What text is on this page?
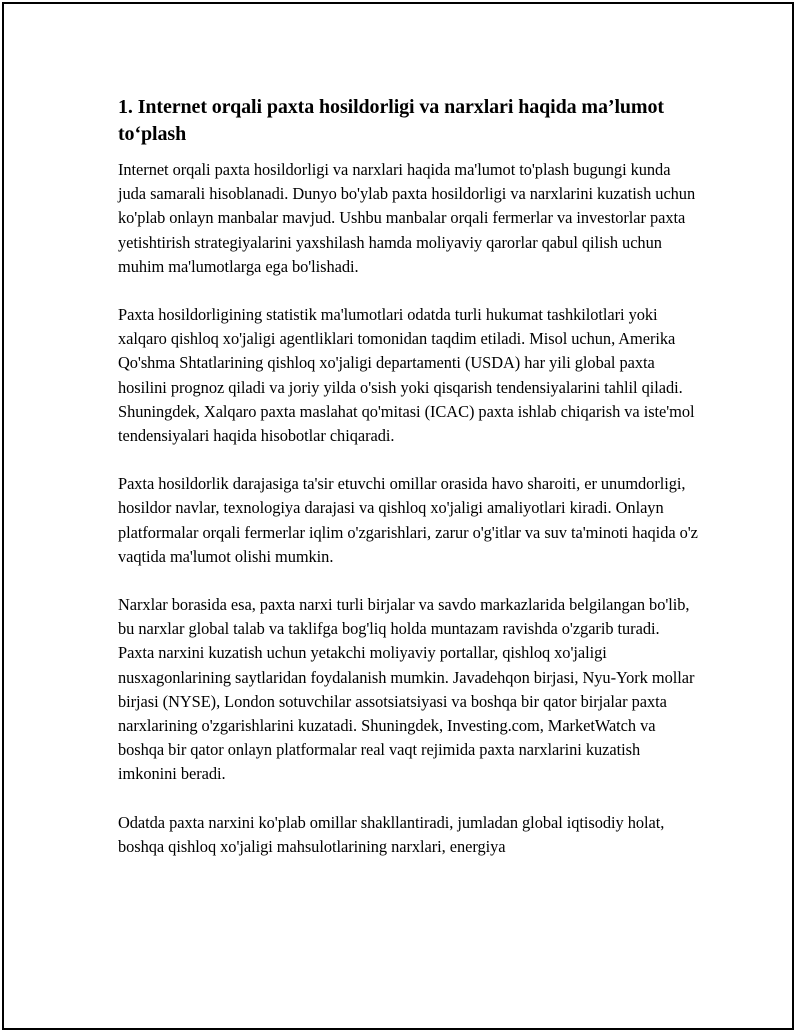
1. Internet orqali paxta hosildorligi va narxlari haqida ma’lumot to‘plash

Internet orqali paxta hosildorligi va narxlari haqida ma'lumot to'plash bugungi kunda juda samarali hisoblanadi. Dunyo bo'ylab paxta hosildorligi va narxlarini kuzatish uchun ko'plab onlayn manbalar mavjud. Ushbu manbalar orqali fermerlar va investorlar paxta yetishtirish strategiyalarini yaxshilash hamda moliyaviy qarorlar qabul qilish uchun muhim ma'lumotlarga ega bo'lishadi.

Paxta hosildorligining statistik ma'lumotlari odatda turli hukumat tashkilotlari yoki xalqaro qishloq xo'jaligi agentliklari tomonidan taqdim etiladi. Misol uchun, Amerika Qo'shma Shtatlarining qishloq xo'jaligi departamenti (USDA) har yili global paxta hosilini prognoz qiladi va joriy yilda o'sish yoki qisqarish tendensiyalarini tahlil qiladi. Shuningdek, Xalqaro paxta maslahat qo'mitasi (ICAC) paxta ishlab chiqarish va iste'mol tendensiyalari haqida hisobotlar chiqaradi.

Paxta hosildorlik darajasiga ta'sir etuvchi omillar orasida havo sharoiti, er unumdorligi, hosildor navlar, texnologiya darajasi va qishloq xo'jaligi amaliyotlari kiradi. Onlayn platformalar orqali fermerlar iqlim o'zgarishlari, zarur o'g'itlar va suv ta'minoti haqida o'z vaqtida ma'lumot olishi mumkin.

Narxlar borasida esa, paxta narxi turli birjalar va savdo markazlarida belgilangan bo'lib, bu narxlar global talab va taklifga bog'liq holda muntazam ravishda o'zgarib turadi. Paxta narxini kuzatish uchun yetakchi moliyaviy portallar, qishloq xo'jaligi nusxagonlarining saytlaridan foydalanish mumkin. Javadehqon birjasi, Nyu-York mollar birjasi (NYSE), London sotuvchilar assotsiatsiyasi va boshqa bir qator birjalar paxta narxlarining o'zgarishlarini kuzatadi. Shuningdek, Investing.com, MarketWatch va boshqa bir qator onlayn platformalar real vaqt rejimida paxta narxlarini kuzatish imkonini beradi.

Odatda paxta narxini ko'plab omillar shakllantiradi, jumladan global iqtisodiy holat, boshqa qishloq xo'jaligi mahsulotlarining narxlari, energiya
